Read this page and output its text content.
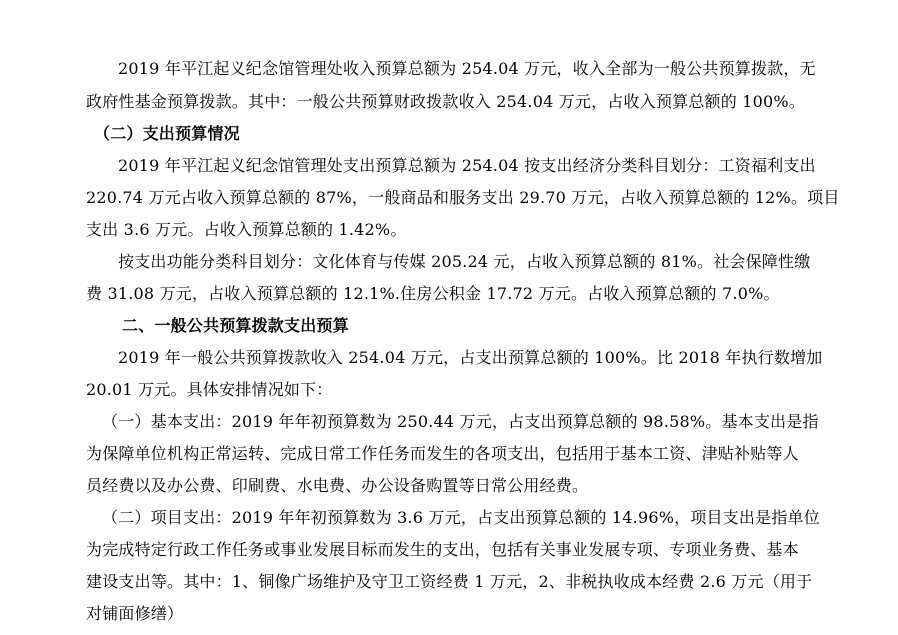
2019 年平江起义纪念馆管理处收入预算总额为 254.04 万元，收入全部为一般公共预算拨款，无
政府性基金预算拨款。其中：一般公共预算财政拨款收入 254.04 万元，占收入预算总额的 100%。
（二）支出预算情况
2019 年平江起义纪念馆管理处支出预算总额为 254.04 按支出经济分类科目划分：工资福利支出
220.74 万元占收入预算总额的 87%，一般商品和服务支出 29.70 万元，占收入预算总额的 12%。项目
支出 3.6 万元。占收入预算总额的 1.42%。
按支出功能分类科目划分：文化体育与传媒 205.24 元，占收入预算总额的 81%。社会保障性缴
费 31.08 万元，占收入预算总额的 12.1%.住房公积金 17.72 万元。占收入预算总额的 7.0%。
二、一般公共预算拨款支出预算
2019 年一般公共预算拨款收入 254.04 万元，占支出预算总额的 100%。比 2018 年执行数增加
20.01 万元。具体安排情况如下：
（一）基本支出：2019 年年初预算数为 250.44 万元，占支出预算总额的 98.58%。基本支出是指
为保障单位机构正常运转、完成日常工作任务而发生的各项支出，包括用于基本工资、津贴补贴等人
员经费以及办公费、印刷费、水电费、办公设备购置等日常公用经费。
（二）项目支出：2019 年年初预算数为 3.6 万元，占支出预算总额的 14.96%，项目支出是指单位
为完成特定行政工作任务或事业发展目标而发生的支出，包括有关事业发展专项、专项业务费、基本
建设支出等。其中：1、铜像广场维护及守卫工资经费 1 万元，2、非税执收成本经费 2.6 万元（用于
对铺面修缮）
